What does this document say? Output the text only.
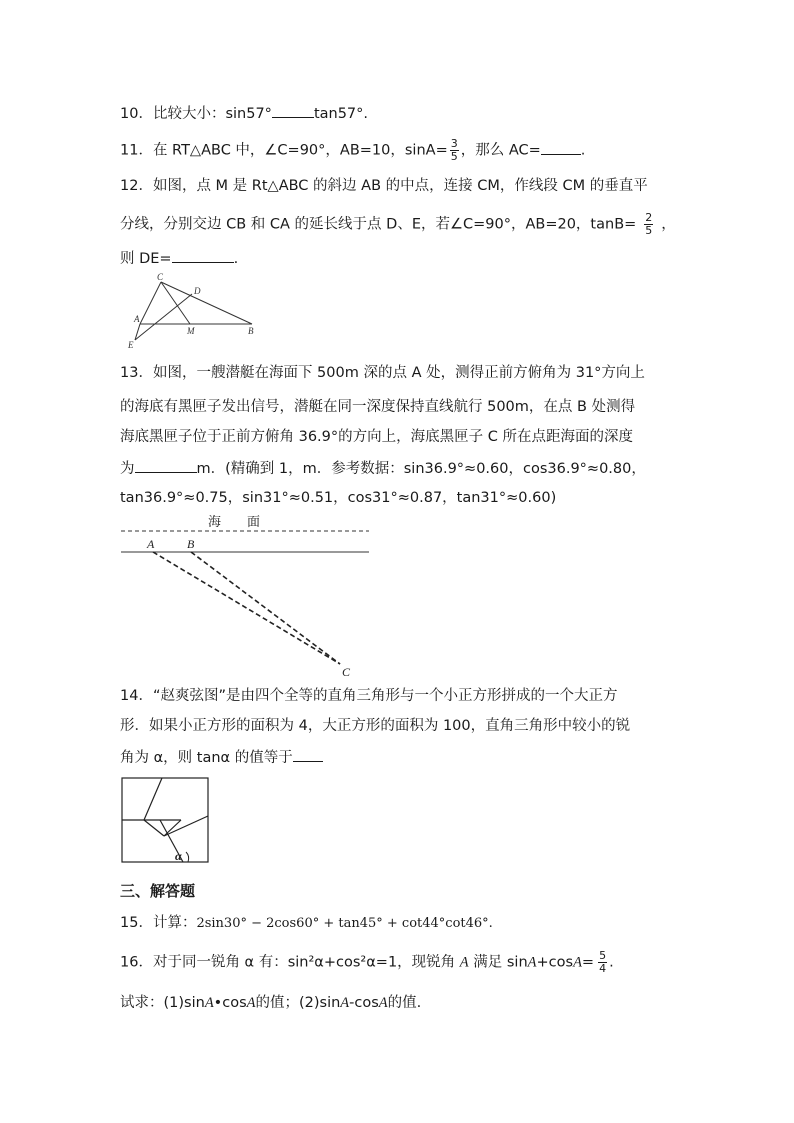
10．比较大小：sin57°	tan57°.
11．在 RT△ABC 中，∠C=90°，AB=10，$\sin A= \frac{3}{5}$ ，那么 AC=	.
12．如图，点 M 是 Rt△ABC 的斜边 AB 的中点，连接 CM，作线段 CM 的垂直平
分线，分别交边 CB 和 CA 的延长线于点 D、E，若∠C=90°，AB=20，$\tan B= \frac{2}{5}$ ，
则 DE=	.
C
D
A
M	B
E
13．如图，一艘潜艇在海面下 500m 深的点 A 处，测得正前方俯角为 31°方向上
的海底有黑匣子发出信号，潜艇在同一深度保持直线航行 500m，在点 B 处测得
海底黑匣子位于正前方俯角 36.9°的方向上，海底黑匣子 C 所在点距海面的深度
为	m．(精确到 1，m．参考数据：sin36.9°≈0.60，cos36.9°≈0.80，
tan36.9°≈0.75，sin31°≈0.51，cos31°≈0.87，tan31°≈0.60)
海　　面
A	B
C
14．“赵爽弦图”是由四个全等的直角三角形与一个小正方形拼成的一个大正方
形．如果小正方形的面积为 4，大正方形的面积为 100，直角三角形中较小的锐
角为 α，则 tanα 的值等于
α
三、解答题
15．计算：2sin30° − 2cos60° + tan45° + cot44°cot46°.
16．对于同一锐角 α 有：sin²α+cos²α=1，现锐角 A 满足 $\sin A+\cos A= \frac{5}{4}$ .
试求：(1)sinA•cosA的值；(2)sinA-cosA的值.
